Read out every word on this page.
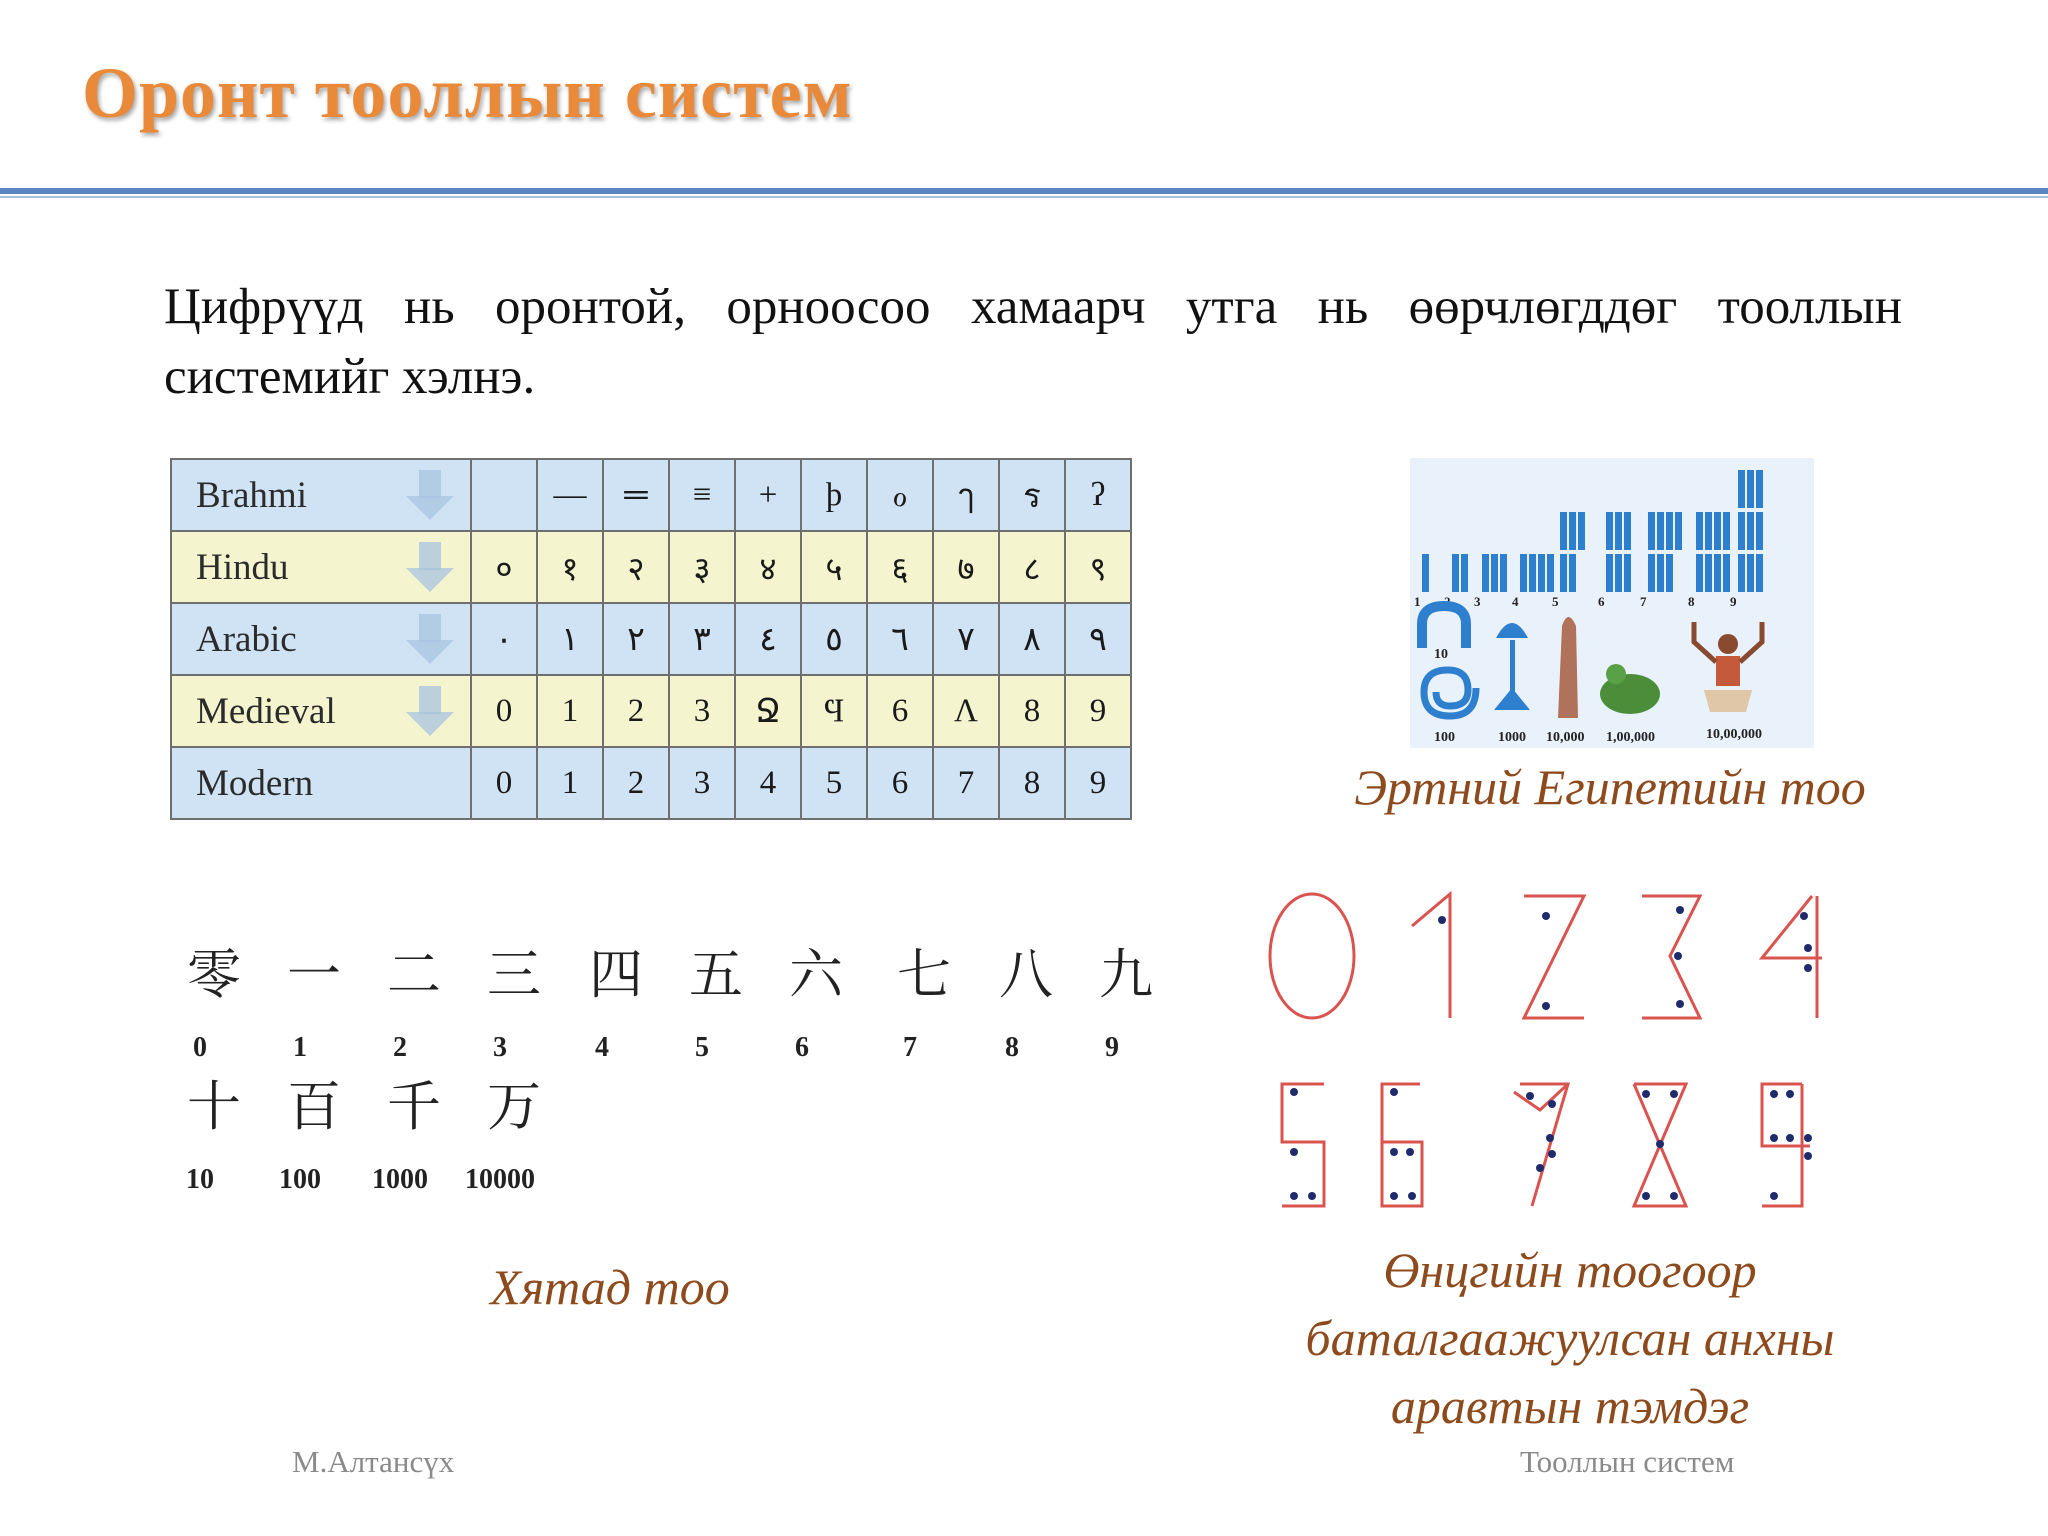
Оронт тооллын систем
Цифрүүд нь оронтой, орноосоо хамаарч утга нь өөрчлөгддөг тооллын системийг хэлнэ.
Brahmi		—	═	≡	+	ϸ	ℴ	ๅ	ร	ʔ
Hindu	०	१	२	३	४	५	६	७	८	९
Arabic	٠	١	٢	٣	٤	٥	٦	٧	٨	٩
Medieval	0	1	2	3	Ջ	Ϥ	6	Λ	8	9
Modern	0	1	2	3	4	5	6	7	8	9
1 2 3 4	5	6	7	8	9
10
100	1000 10,000 1,00,000	10,00,000
Эртний Египетийн тоо
零
0
一
1
二
2
三
3
四
4
五
5
六
6
七
7
八
8
九
9
十
10
百
100
千
1000
万
10000
Хятад тоо	Өнцгийн тоогоор
баталгаажуулсан анхны
аравтын тэмдэг
М.Алтансүх	Тооллын систем
